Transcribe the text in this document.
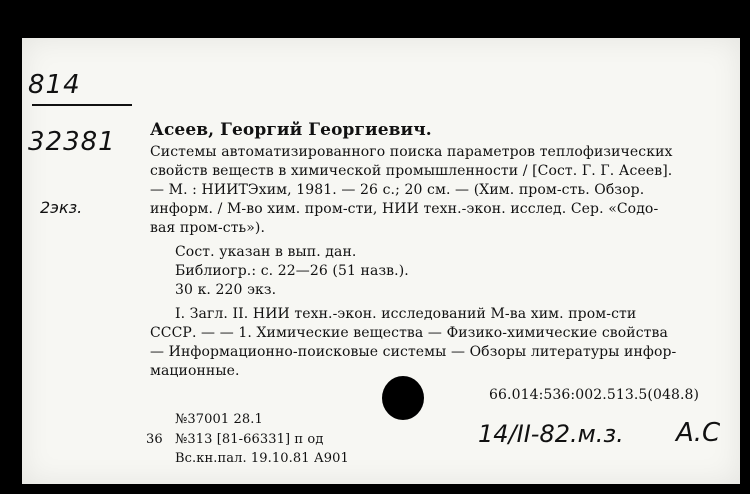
814
32381
2экз.
Асеев, Георгий Георгиевич.
Системы автоматизированного поиска параметров теплофизических
свойств веществ в химической промышленности / [Сост. Г. Г. Асеев].
— М. : НИИТЭхим, 1981. — 26 с.; 20 см. — (Хим. пром-сть. Обзор.
информ. / М-во хим. пром-сти, НИИ техн.-экон. исслед. Сер. «Содо-
вая пром-сть»).
Сост. указан в вып. дан.
Библиогр.: с. 22—26 (51 назв.).
30 к. 220 экз.
I. Загл. II. НИИ техн.-экон. исследований М-ва хим. пром-сти
СССР. — — 1. Химические вещества — Физико-химические свойства
— Информационно-поисковые системы — Обзоры литературы инфор-
мационные.
66.014:536:002.513.5(048.8)
№37001 28.1
36 №313 [81-66331] п од
Вс.кн.пал. 19.10.81 А901
14/II-82.м.з. А.С
